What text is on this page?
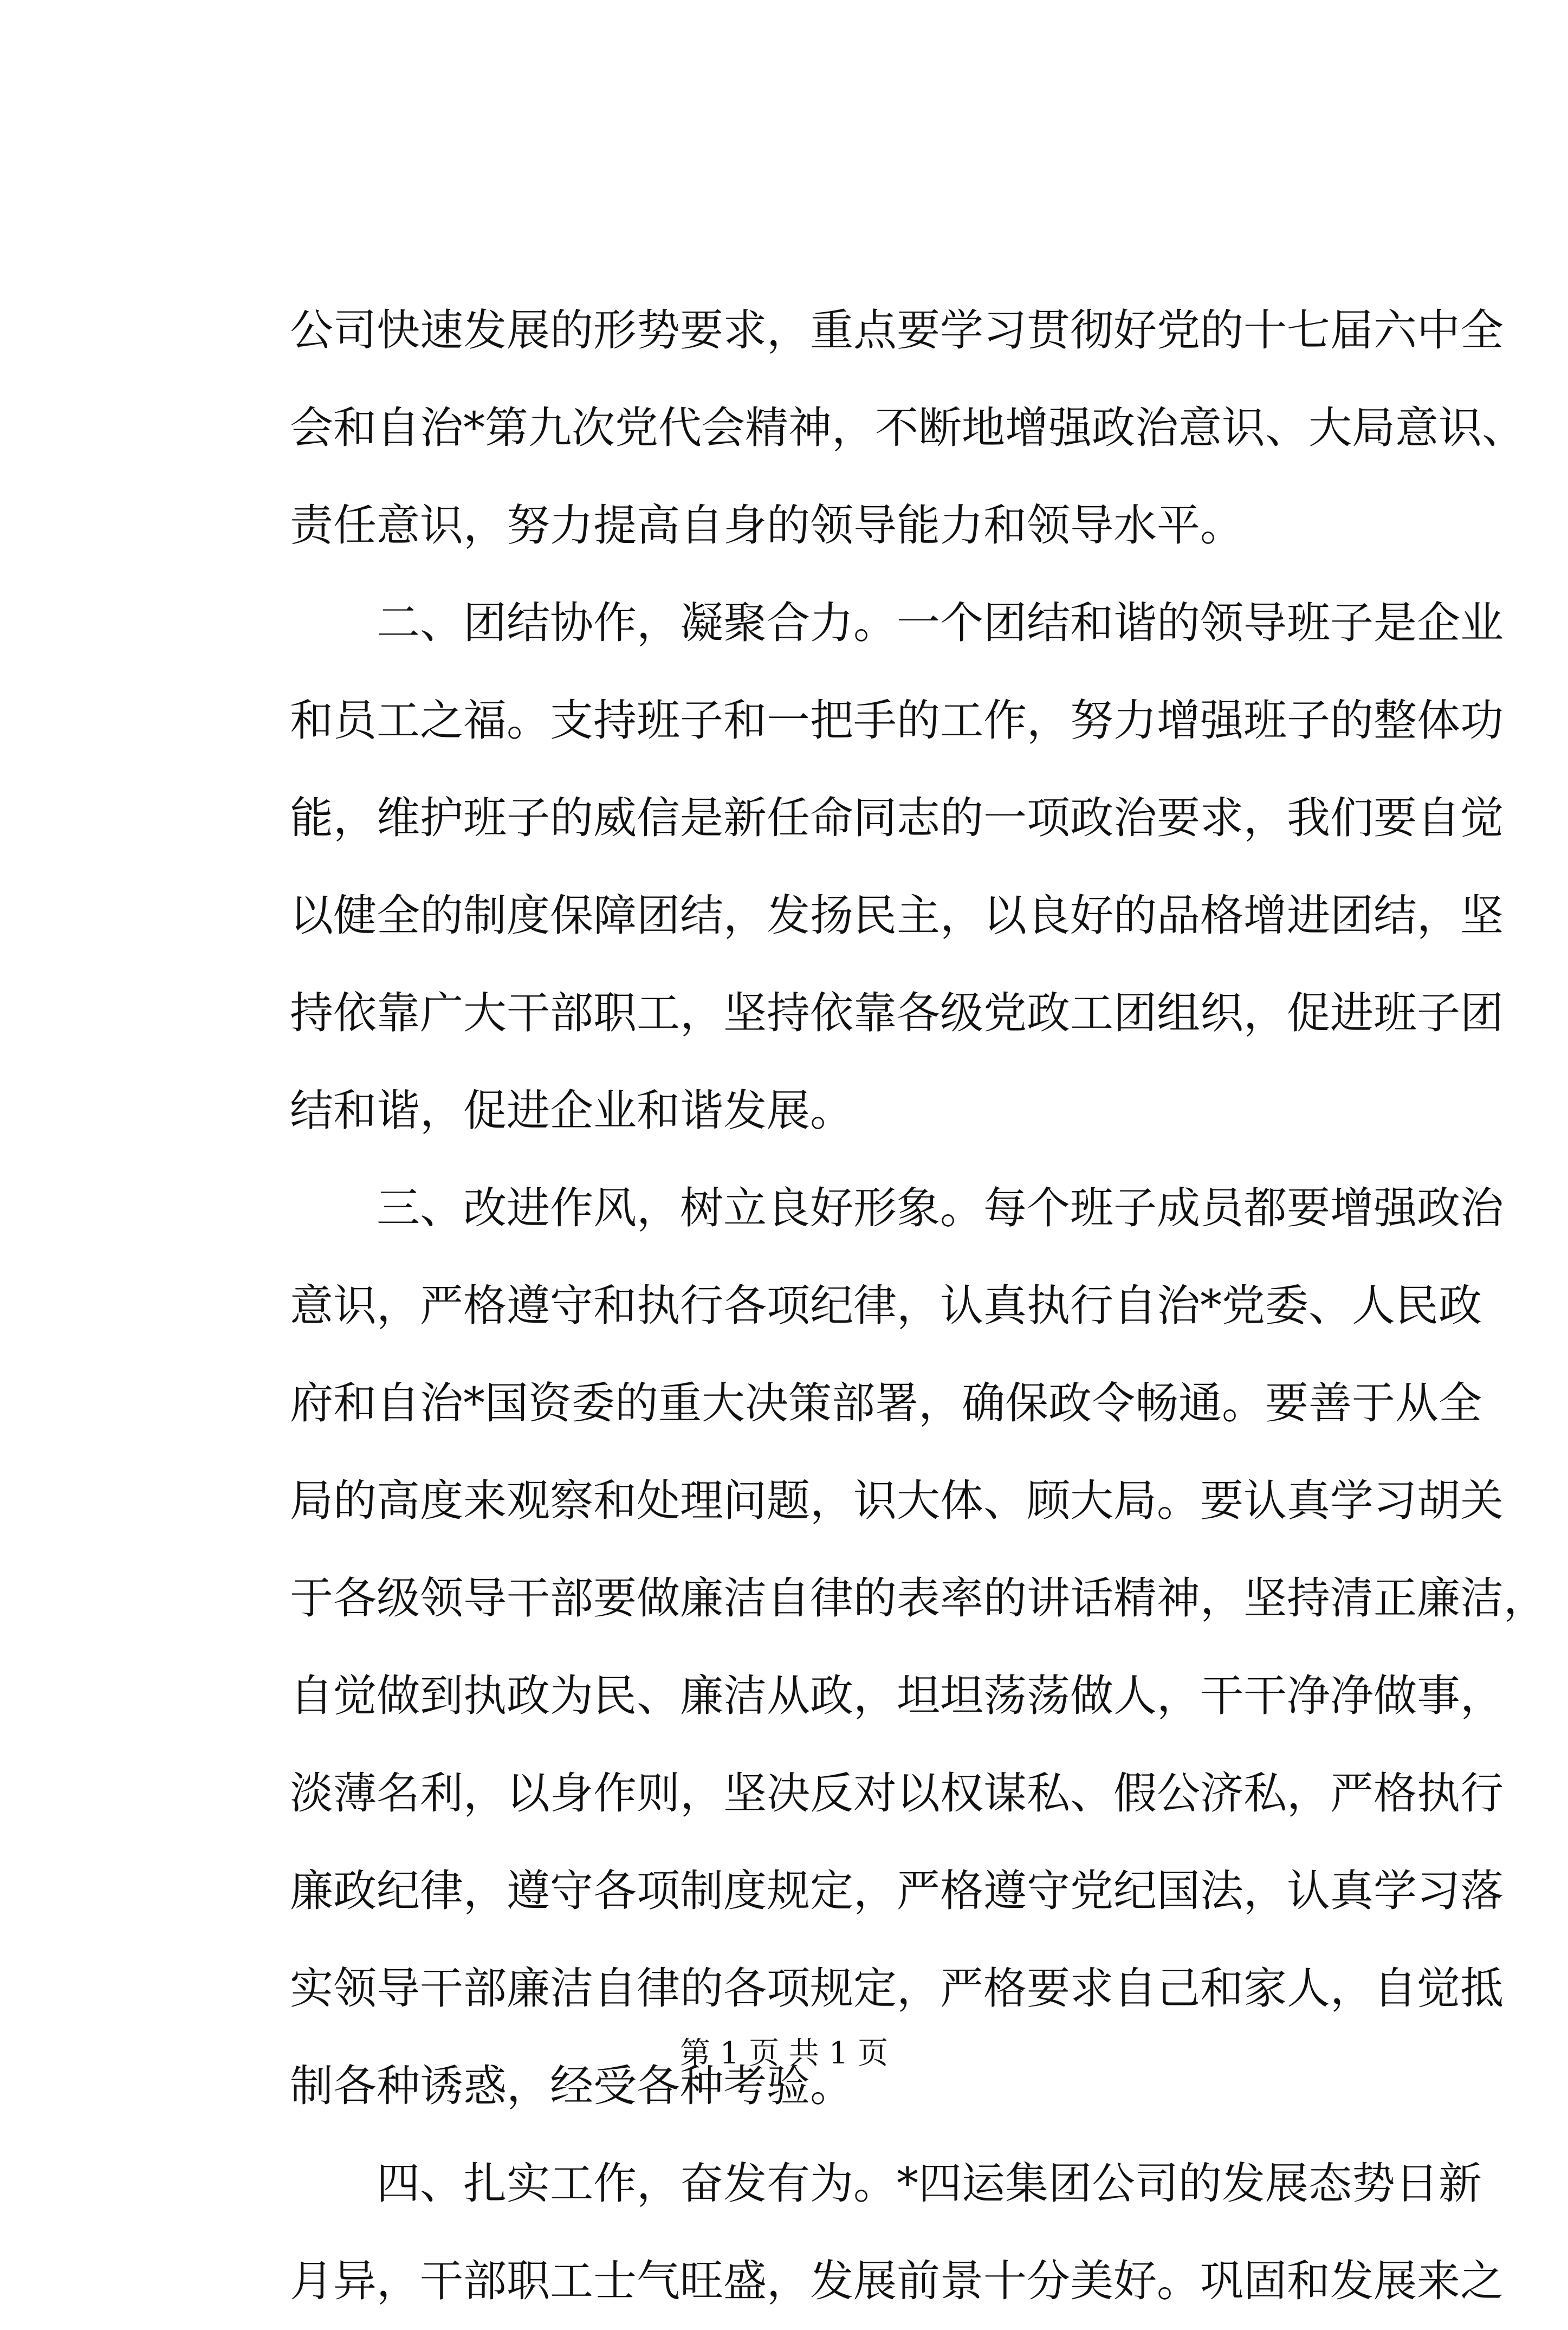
公司快速发展的形势要求，重点要学习贯彻好党的十七届六中全
会和自治*第九次党代会精神，不断地增强政治意识、大局意识、
责任意识，努力提高自身的领导能力和领导水平。
　　二、团结协作，凝聚合力。一个团结和谐的领导班子是企业
和员工之福。支持班子和一把手的工作，努力增强班子的整体功
能，维护班子的威信是新任命同志的一项政治要求，我们要自觉
以健全的制度保障团结，发扬民主，以良好的品格增进团结，坚
持依靠广大干部职工，坚持依靠各级党政工团组织，促进班子团
结和谐，促进企业和谐发展。
　　三、改进作风，树立良好形象。每个班子成员都要增强政治
意识，严格遵守和执行各项纪律，认真执行自治*党委、人民政
府和自治*国资委的重大决策部署，确保政令畅通。要善于从全
局的高度来观察和处理问题，识大体、顾大局。要认真学习胡关
于各级领导干部要做廉洁自律的表率的讲话精神，坚持清正廉洁，
自觉做到执政为民、廉洁从政，坦坦荡荡做人，干干净净做事，
淡薄名利，以身作则，坚决反对以权谋私、假公济私，严格执行
廉政纪律，遵守各项制度规定，严格遵守党纪国法，认真学习落
实领导干部廉洁自律的各项规定，严格要求自己和家人，自觉抵
制各种诱惑，经受各种考验。
　　四、扎实工作，奋发有为。*四运集团公司的发展态势日新
月异，干部职工士气旺盛，发展前景十分美好。巩固和发展来之
第 1 页 共 1 页
